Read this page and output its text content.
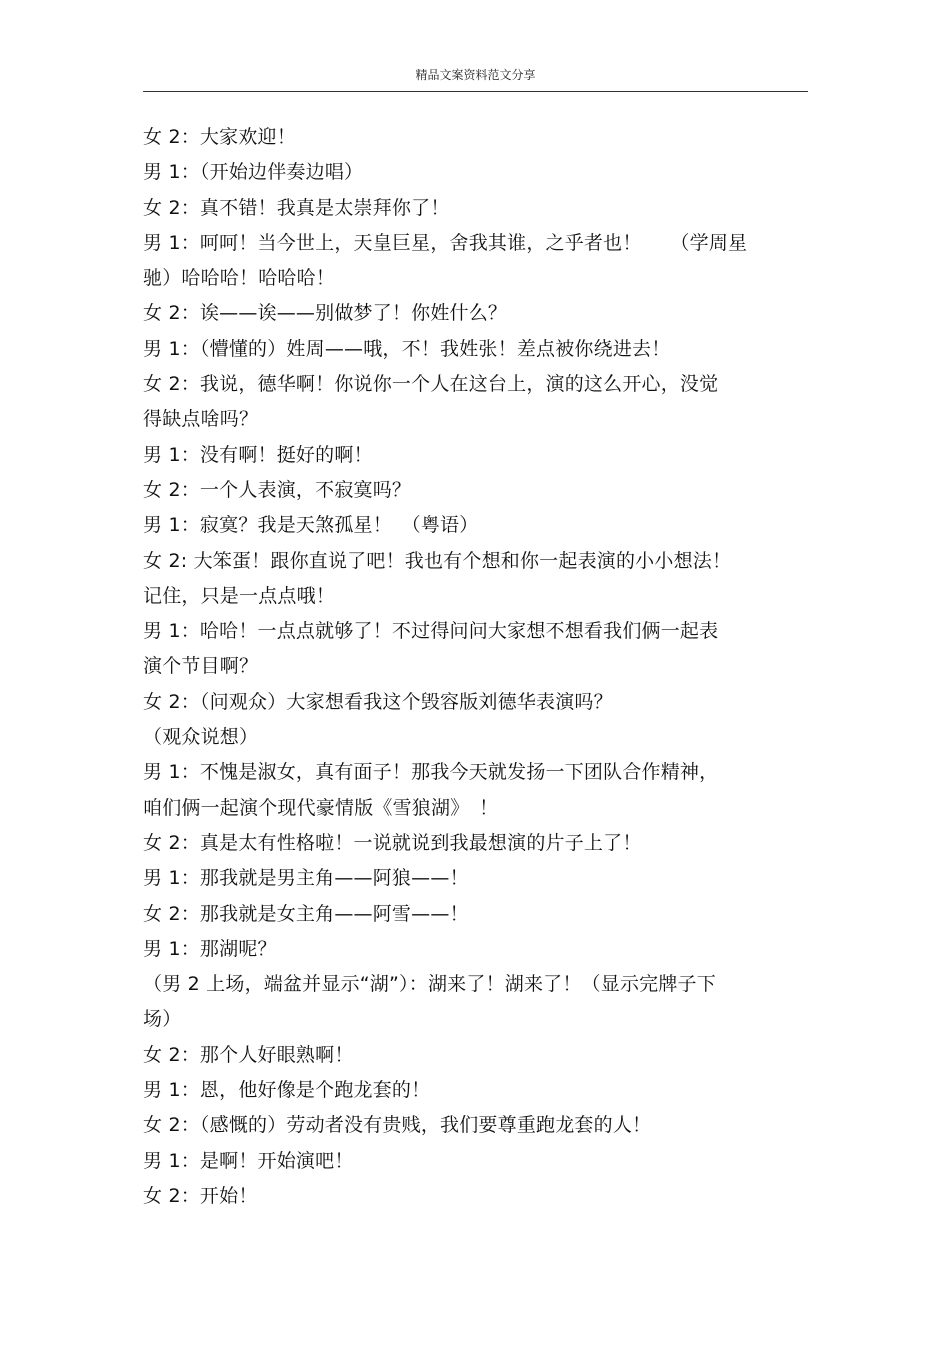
精品文案资料范文分享
女 2：大家欢迎！
男 1：（开始边伴奏边唱）
女 2：真不错！我真是太崇拜你了！
男 1：呵呵！当今世上，天皇巨星，舍我其谁，之乎者也！　　（学周星
驰）哈哈哈！哈哈哈！
女 2：诶——诶——别做梦了！你姓什么？
男 1：（懵懂的）姓周——哦，不！我姓张！差点被你绕进去！
女 2：我说，德华啊！你说你一个人在这台上，演的这么开心，没觉
得缺点啥吗？
男 1：没有啊！挺好的啊！
女 2：一个人表演，不寂寞吗？
男 1：寂寞？我是天煞孤星！　（粤语）
女 2: 大笨蛋！跟你直说了吧！我也有个想和你一起表演的小小想法！
记住，只是一点点哦！
男 1：哈哈！一点点就够了！不过得问问大家想不想看我们俩一起表
演个节目啊？
女 2：（问观众）大家想看我这个毁容版刘德华表演吗？
（观众说想）
男 1：不愧是淑女，真有面子！那我今天就发扬一下团队合作精神，
咱们俩一起演个现代豪情版《雪狼湖》　！
女 2：真是太有性格啦！一说就说到我最想演的片子上了！
男 1：那我就是男主角——阿狼——！
女 2：那我就是女主角——阿雪——！
男 1：那湖呢？
（男 2 上场，端盆并显示“湖”）：湖来了！湖来了！（显示完牌子下
场）
女 2：那个人好眼熟啊！
男 1：恩，他好像是个跑龙套的！
女 2：（感慨的）劳动者没有贵贱，我们要尊重跑龙套的人！
男 1：是啊！开始演吧！
女 2：开始！
